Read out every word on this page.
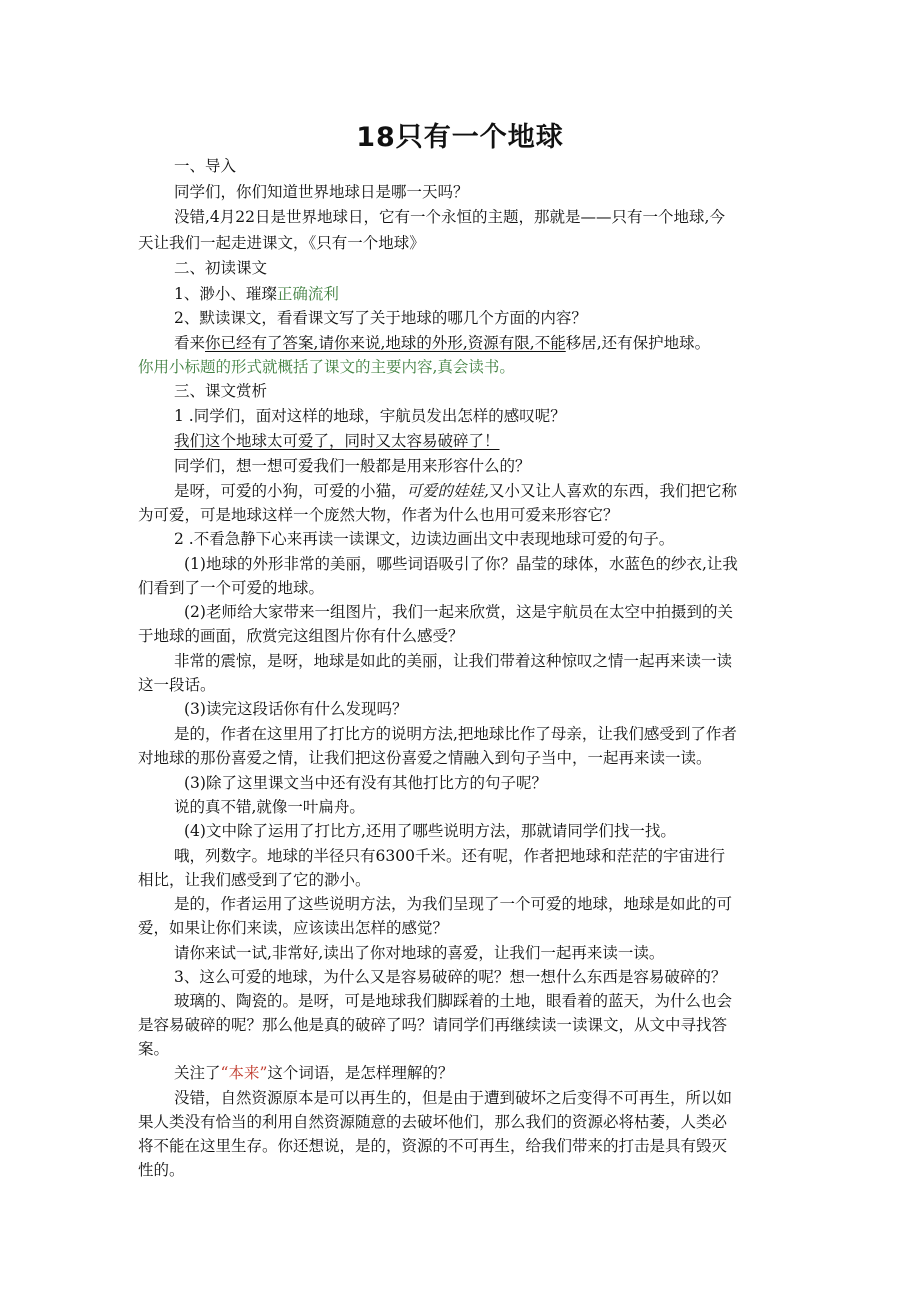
18只有一个地球
一、导入
同学们，你们知道世界地球日是哪一天吗？
没错,4月22日是世界地球日，它有一个永恒的主题，那就是——只有一个地球,今
天让我们一起走进课文，《只有一个地球》
二、初读课文
1、渺小、璀璨正确流利
2、默读课文，看看课文写了关于地球的哪几个方面的内容？
看来你已经有了答案,请你来说,地球的外形,资源有限,不能移居,还有保护地球。
你用小标题的形式就概括了课文的主要内容,真会读书。
三、课文赏析
1 .同学们，面对这样的地球，宇航员发出怎样的感叹呢？
我们这个地球太可爱了，同时又太容易破碎了！
同学们，想一想可爱我们一般都是用来形容什么的？
是呀，可爱的小狗，可爱的小猫，可爱的娃娃,又小又让人喜欢的东西，我们把它称
为可爱，可是地球这样一个庞然大物，作者为什么也用可爱来形容它？
2 .不看急静下心来再读一读课文，边读边画出文中表现地球可爱的句子。
(1)地球的外形非常的美丽，哪些词语吸引了你？晶莹的球体，水蓝色的纱衣,让我
们看到了一个可爱的地球。
(2)老师给大家带来一组图片，我们一起来欣赏，这是宇航员在太空中拍摄到的关
于地球的画面，欣赏完这组图片你有什么感受？
非常的震惊，是呀，地球是如此的美丽，让我们带着这种惊叹之情一起再来读一读
这一段话。
(3)读完这段话你有什么发现吗？
是的，作者在这里用了打比方的说明方法,把地球比作了母亲，让我们感受到了作者
对地球的那份喜爱之情，让我们把这份喜爱之情融入到句子当中，一起再来读一读。
(3)除了这里课文当中还有没有其他打比方的句子呢？
说的真不错,就像一叶扁舟。
(4)文中除了运用了打比方,还用了哪些说明方法，那就请同学们找一找。
哦，列数字。地球的半径只有6300千米。还有呢，作者把地球和茫茫的宇宙进行
相比，让我们感受到了它的渺小。
是的，作者运用了这些说明方法，为我们呈现了一个可爱的地球，地球是如此的可
爱，如果让你们来读，应该读出怎样的感觉？
请你来试一试,非常好,读出了你对地球的喜爱，让我们一起再来读一读。
3、这么可爱的地球，为什么又是容易破碎的呢？想一想什么东西是容易破碎的？
玻璃的、陶瓷的。是呀，可是地球我们脚踩着的土地，眼看着的蓝天，为什么也会
是容易破碎的呢？那么他是真的破碎了吗？请同学们再继续读一读课文，从文中寻找答
案。
关注了“本来”这个词语，是怎样理解的？
没错，自然资源原本是可以再生的，但是由于遭到破坏之后变得不可再生，所以如
果人类没有恰当的利用自然资源随意的去破坏他们，那么我们的资源必将枯萎，人类必
将不能在这里生存。你还想说，是的，资源的不可再生，给我们带来的打击是具有毁灭
性的。
